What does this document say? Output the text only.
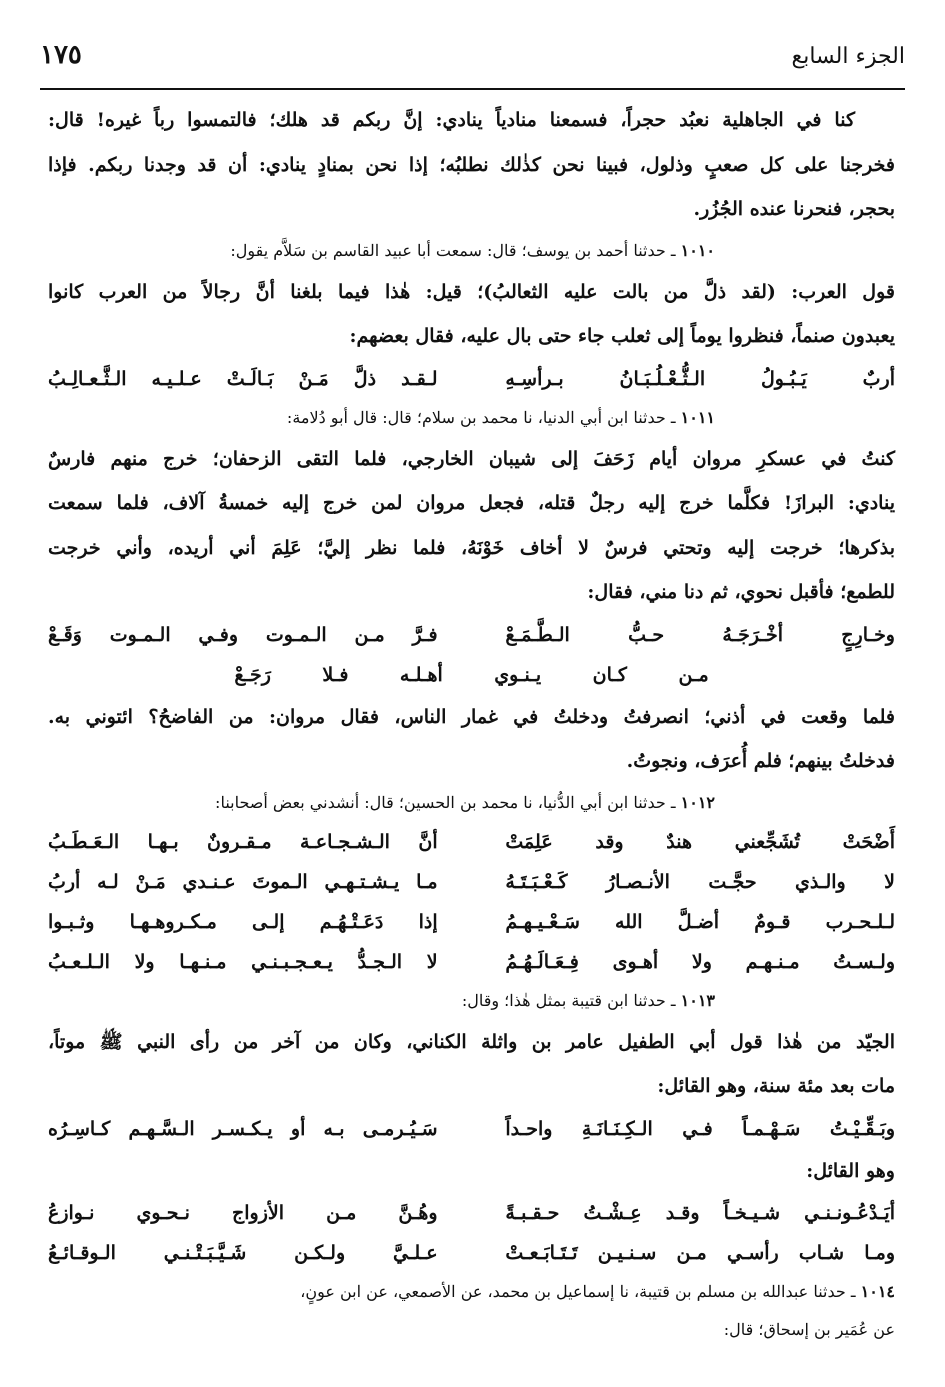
الجزء السابع
١٧٥
كنا في الجاهلية نعبُد حجراً، فسمعنا منادياً ينادي: إنَّ ربكم قد هلك؛ فالتمسوا رباً غيره! قال:
فخرجنا على كل صعبٍ وذلول، فبينا نحن كذٰلك نطلبُه؛ إذا نحن بمنادٍ ينادي: أن قد وجدنا ربكم. فإذا
بحجر، فنحرنا عنده الجُزُر.
١٠١٠ ـ حدثنا أحمد بن يوسف؛ قال: سمعت أبا عبيد القاسم بن سَلاَّم يقول:
قول العرب: (لقد ذلَّ من بالت عليه الثعالبُ)؛ قيل: هٰذا فيما بلغنا أنَّ رجالاً من العرب كانوا
يعبدون صنماً، فنظروا يوماً إلى ثعلب جاء حتى بال عليه، فقال بعضهم:
أربٌ يَـبُـولُ الـثُّـعْـلُـبَـانُ بـرأسِـهِ
لـقـد ذلَّ مَـنْ بَـالَـتْ عـلـيـه الـثَّـعـالِـبُ
١٠١١ ـ حدثنا ابن أبي الدنيا، نا محمد بن سلام؛ قال: قال أبو دُلامة:
كنتُ في عسكرِ مروان أيام زَحَفَ إلى شيبان الخارجي، فلما التقى الزحفان؛ خرج منهم فارسٌ
ينادي: البرازَ! فكلَّما خرج إليه رجلٌ قتله، فجعل مروان لمن خرج إليه خمسةُ آلاف، فلما سمعت
بذكرها؛ خرجت إليه وتحتي فرسٌ لا أخاف خَوْنَهُ، فلما نظر إليَّ؛ عَلِمَ أني أريده، وأني خرجت
للطمع؛ فأقبل نحوي، ثم دنا مني، فقال:
وخـارِجٍ أخْـرَجَـهُ حـبُّ الـطَّـمَـعْ
فـرَّ مـن الـمـوت وفـي الـمـوت وَقَـعْ
مـن كـان يـنـوي أهـلـه فـلا رَجَـعْ
فلما وقعت في أذني؛ انصرفتُ ودخلتُ في غمار الناس، فقال مروان: من الفاضحُ؟ ائتوني به.
فدخلتُ بينهم؛ فلم أُعرَف، ونجوتُ.
١٠١٢ ـ حدثنا ابن أبي الدُّنيا، نا محمد بن الحسين؛ قال: أنشدني بعض أصحابنا:
أَضْحَتْ تُشَجِّعني هندٌ وقد عَلِمَتْ
أنَّ الـشـجـاعـة مـقـرونٌ بـهـا الـعَـطَـبُ
لا والـذي حجَّـت الأنـصـارُ كَـعْـبَـتَـهُ
مـا يـشـتـهـي الـموتَ عـنـدي مَـنْ لـه أربُ
لـلـحـرب قـومٌ أضـلَّ الله سَـعْـيـهـمُ
إذا دَعَـتْـهُـم إلـى مـكـروهـهـا وثـبـوا
ولـسـتُ مـنـهـم ولا أهـوى فِـعَـالَـهُـمُ
لا الـجـدُّ يـعـجـبـنـي مـنـهـا ولا الـلـعـبُ
١٠١٣ ـ حدثنا ابن قتيبة بمثل هٰذا؛ وقال:
الجيّد من هٰذا قول أبي الطفيل عامر بن واثلة الكناني، وكان من آخر من رأى النبي ﷺ موتاً،
مات بعد مئة سنة، وهو القائل:
وبَـقِّـيْـتُ سَـهْـمـاً فـي الـكِـنَـانَـةِ واحـداً
سَـيُـرمـى بـه أو يـكـسـر الـسَّـهـم كـاسِـرُه
وهو القائل:
أيَـدْعُـونـنـي شـيـخـاً وقـد عِـشْـتُ حـقـبـةً
وهُـنَّ مـن الأزواج نـحـوي نـوازعُ
ومـا شـاب رأسـي مـن سـنـيـن تَـتَـابَـعـتْ
عـلـيَّ ولـكـن شَـيَّـبَـتْـنـي الـوقـائـعُ
١٠١٤ ـ حدثنا عبدالله بن مسلم بن قتيبة، نا إسماعيل بن محمد، عن الأصمعي، عن ابن عونٍ،
عن عُمَير بن إسحاق؛ قال:
